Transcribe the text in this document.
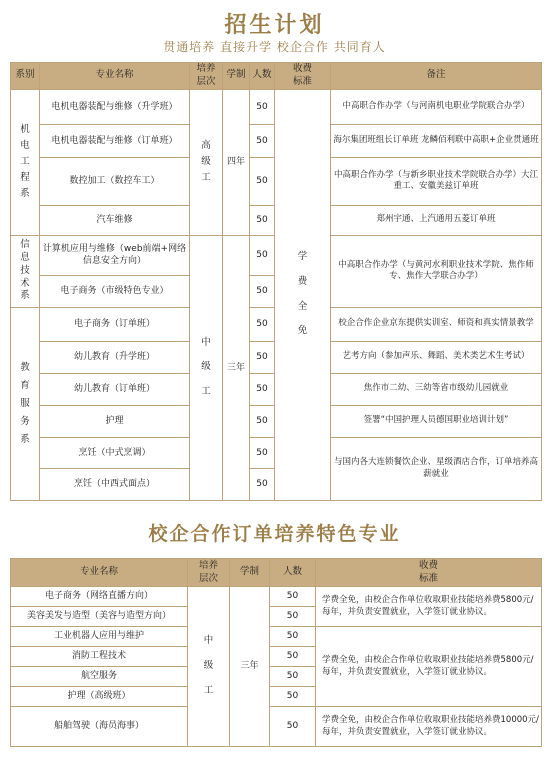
招生计划
贯通培养 直接升学 校企合作 共同育人
系别	专业名称	培养层次	学制	人数	收费标准	备注

机电工程系	电机电器装配与维修（升学班）	高级工	四年	50	学费全免	中高职合作办学（与河南机电职业学院联合办学）
	电机电器装配与维修（订单班）			50		海尔集团班组长订单班 龙鳞佰利联中高职+企业贯通班
	数控加工（数控车工）			50		中高职合作办学（与新乡职业技术学院联合办学）大江重工、安徽美兹订单班
	汽车维修			50		郑州宇通、上汽通用五菱订单班

信息技术系	计算机应用与维修（web前端+网络信息安全方向）	中级工	三年	50		中高职合作办学（与黄河水利职业技术学院、焦作师专、焦作大学联合办学）
	电子商务（市级特色专业）			50		

教育服务系	电子商务（订单班）			50		校企合作企业京东提供实训室、师资和真实情景教学
	幼儿教育（升学班）			50		艺考方向（参加声乐、舞蹈、美术类艺术生考试）
	幼儿教育（订单班）			50		焦作市二幼、三幼等省市级幼儿园就业
	护理			50		签署“中国护理人员德国职业培训计划”
	烹饪（中式烹调）			50		与国内各大连锁餐饮企业、星级酒店合作，订单培养高薪就业
	烹饪（中西式面点）			50		
校企合作订单培养特色专业
专业名称	培养层次	学制	人数	收费标准

电子商务（网络直播方向）	中级工	三年	50	学费全免，由校企合作单位收取职业技能培养费5800元/每年，并负责安置就业，入学签订就业协议。
美容美发与造型（美容与造型方向）			50	
工业机器人应用与维护			50	学费全免，由校企合作单位收取职业技能培养费5800元/每年，并负责安置就业，入学签订就业协议。
消防工程技术			50	
航空服务			50	
护理（高级班）			50	
船舶驾驶（海员海事）			50	学费全免，由校企合作单位收取职业技能培养费10000元/每年，并负责安置就业，入学签订就业协议。
